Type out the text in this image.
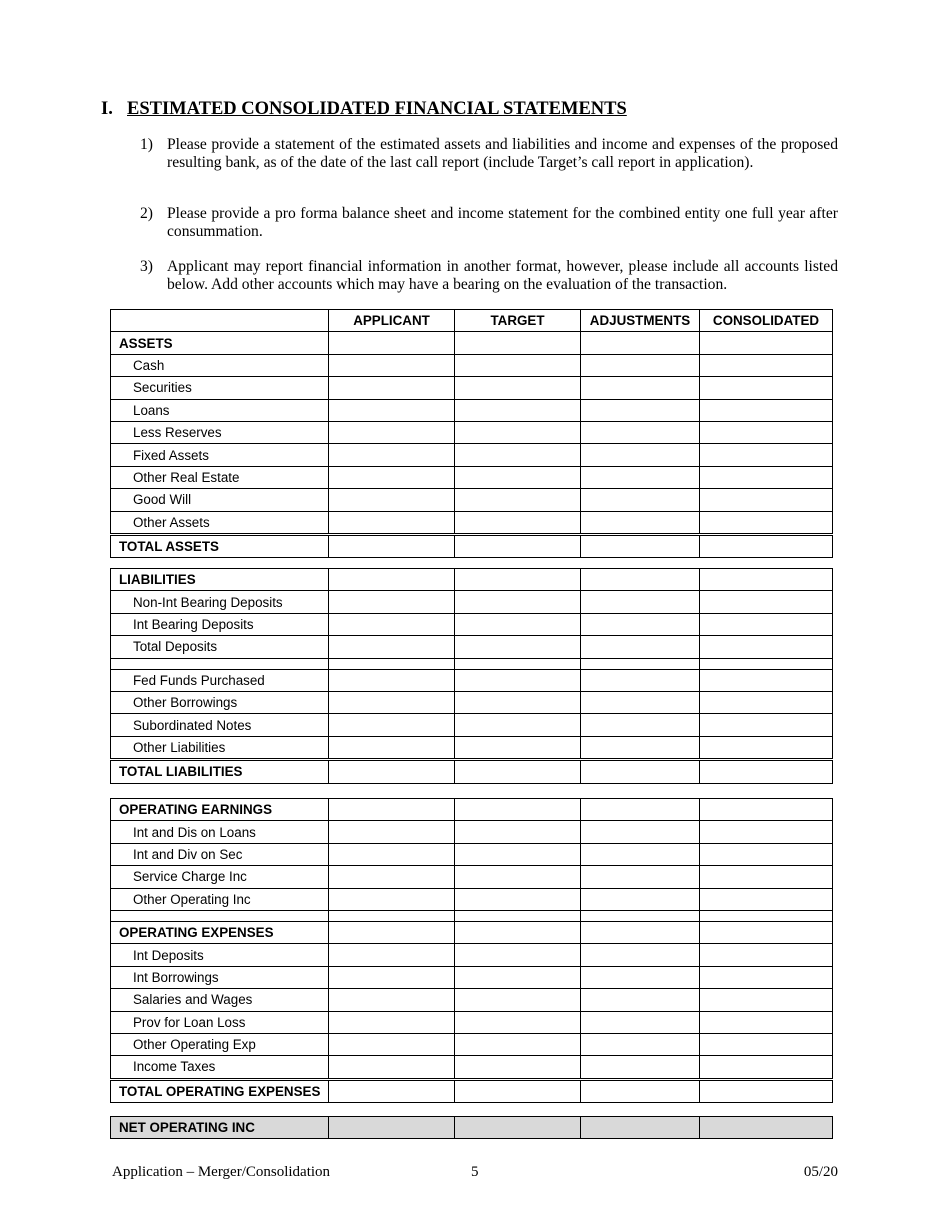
I. ESTIMATED CONSOLIDATED FINANCIAL STATEMENTS
1) Please provide a statement of the estimated assets and liabilities and income and expenses of the proposed resulting bank, as of the date of the last call report (include Target’s call report in application).
2) Please provide a pro forma balance sheet and income statement for the combined entity one full year after consummation.
3) Applicant may report financial information in another format, however, please include all accounts listed below. Add other accounts which may have a bearing on the evaluation of the transaction.
	APPLICANT	TARGET	ADJUSTMENTS	CONSOLIDATED
ASSETS				
Cash				
Securities				
Loans				
Less Reserves				
Fixed Assets				
Other Real Estate				
Good Will				
Other Assets				
TOTAL ASSETS				
LIABILITIES				
Non-Int Bearing Deposits				
Int Bearing Deposits				
Total Deposits				

Fed Funds Purchased				
Other Borrowings				
Subordinated Notes				
Other Liabilities				
TOTAL LIABILITIES				
OPERATING EARNINGS				
Int and Dis on Loans				
Int and Div on Sec				
Service Charge Inc				
Other Operating Inc				

OPERATING EXPENSES				
Int Deposits				
Int Borrowings				
Salaries and Wages				
Prov for Loan Loss				
Other Operating Exp				
Income Taxes				
TOTAL OPERATING EXPENSES				
NET OPERATING INC				
Application – Merger/Consolidation	5	05/20
